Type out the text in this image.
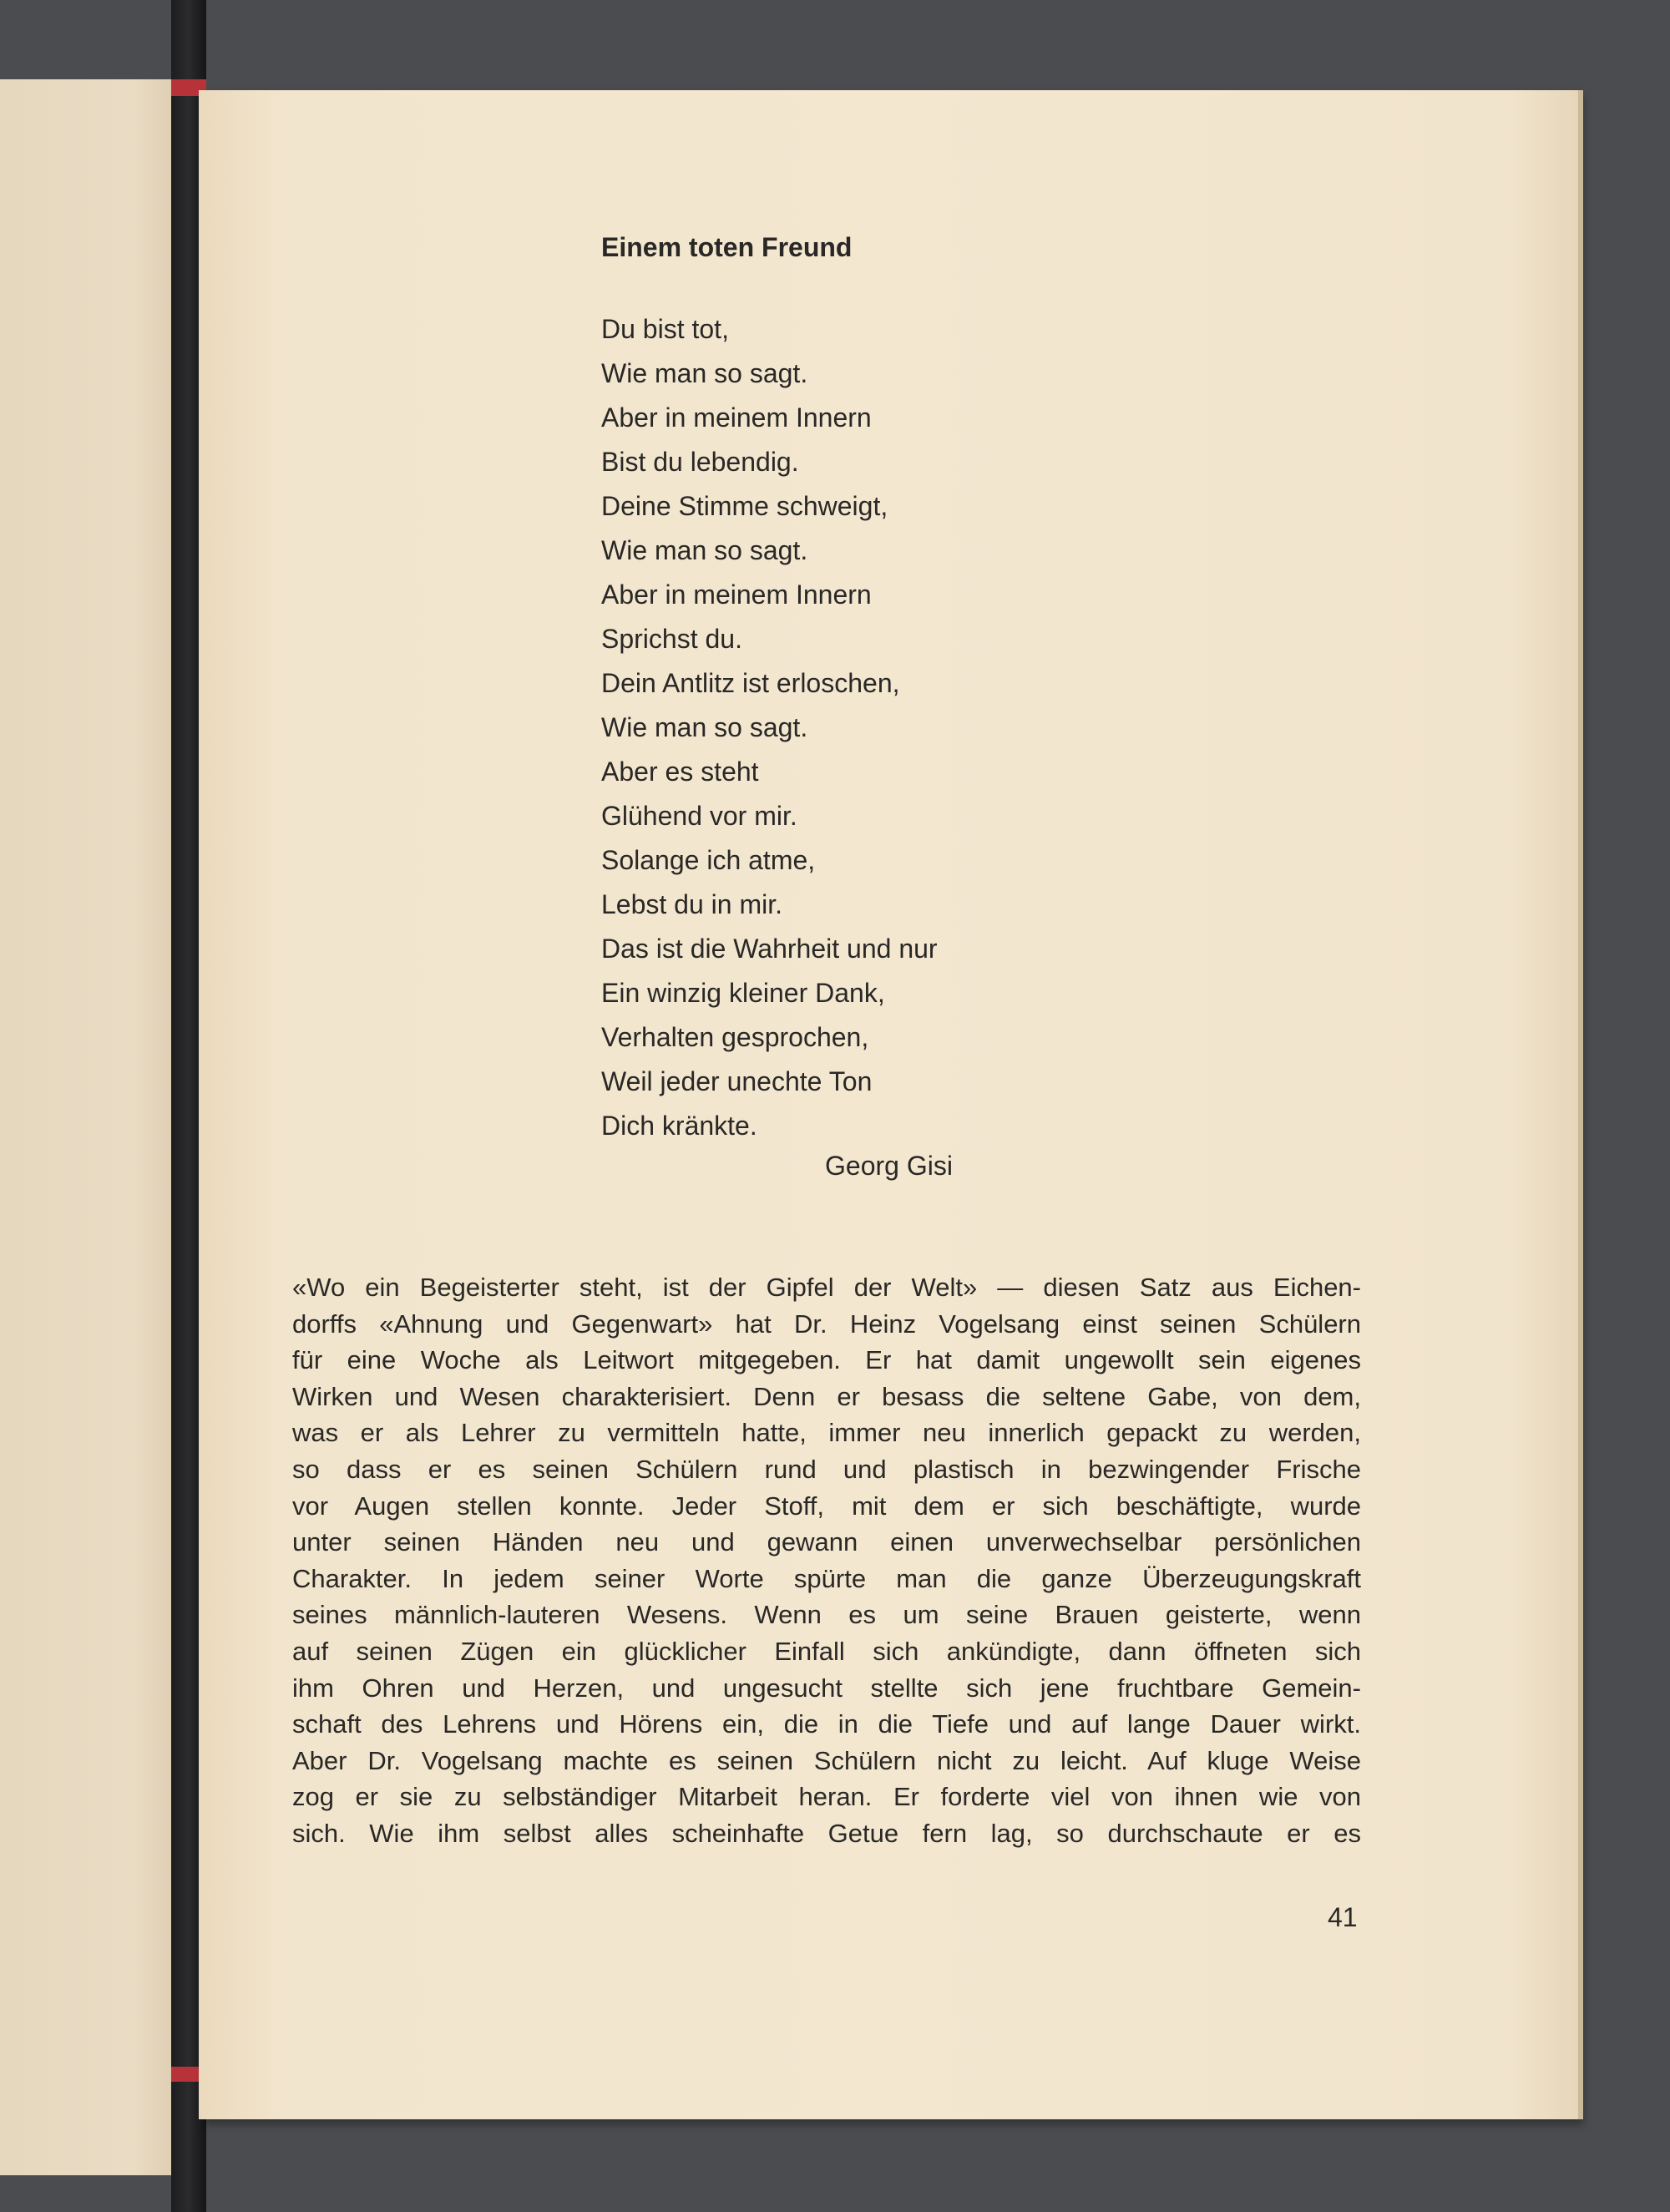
Einem toten Freund
Du bist tot,
Wie man so sagt.
Aber in meinem Innern
Bist du lebendig.
Deine Stimme schweigt,
Wie man so sagt.
Aber in meinem Innern
Sprichst du.
Dein Antlitz ist erloschen,
Wie man so sagt.
Aber es steht
Glühend vor mir.
Solange ich atme,
Lebst du in mir.
Das ist die Wahrheit und nur
Ein winzig kleiner Dank,
Verhalten gesprochen,
Weil jeder unechte Ton
Dich kränkte.
Georg Gisi
«Wo ein Begeisterter steht, ist der Gipfel der Welt» — diesen Satz aus Eichen-
dorffs «Ahnung und Gegenwart» hat Dr. Heinz Vogelsang einst seinen Schülern
für eine Woche als Leitwort mitgegeben. Er hat damit ungewollt sein eigenes
Wirken und Wesen charakterisiert. Denn er besass die seltene Gabe, von dem,
was er als Lehrer zu vermitteln hatte, immer neu innerlich gepackt zu werden,
so dass er es seinen Schülern rund und plastisch in bezwingender Frische
vor Augen stellen konnte. Jeder Stoff, mit dem er sich beschäftigte, wurde
unter seinen Händen neu und gewann einen unverwechselbar persönlichen
Charakter. In jedem seiner Worte spürte man die ganze Überzeugungskraft
seines männlich-lauteren Wesens. Wenn es um seine Brauen geisterte, wenn
auf seinen Zügen ein glücklicher Einfall sich ankündigte, dann öffneten sich
ihm Ohren und Herzen, und ungesucht stellte sich jene fruchtbare Gemein-
schaft des Lehrens und Hörens ein, die in die Tiefe und auf lange Dauer wirkt.
Aber Dr. Vogelsang machte es seinen Schülern nicht zu leicht. Auf kluge Weise
zog er sie zu selbständiger Mitarbeit heran. Er forderte viel von ihnen wie von
sich. Wie ihm selbst alles scheinhafte Getue fern lag, so durchschaute er es
41
